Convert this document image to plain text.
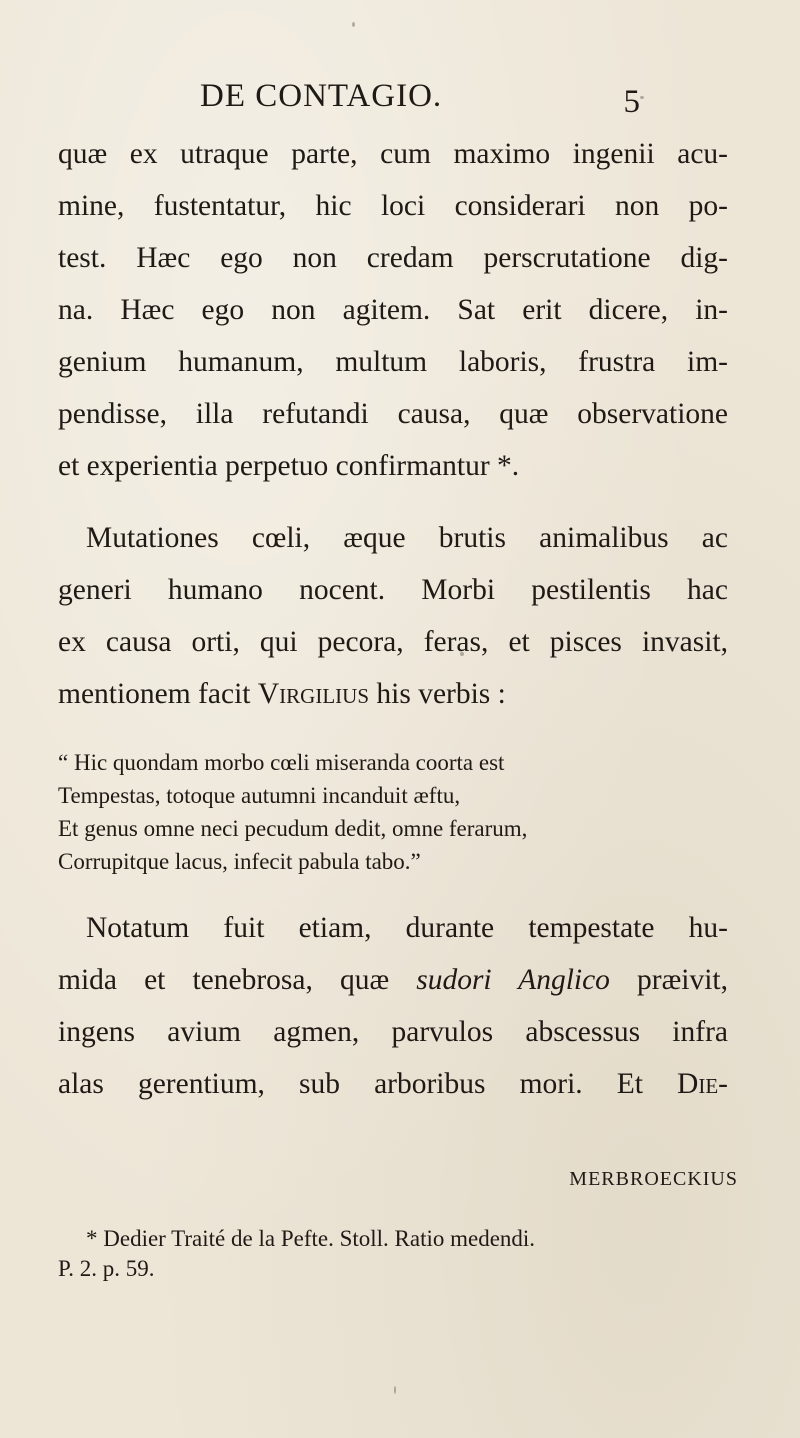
DE CONTAGIO.	5
quæ ex utraque parte, cum maximo ingenii acu-
mine, fustentatur, hic loci considerari non po-
test. Hæc ego non credam perscrutatione dig-
na. Hæc ego non agitem. Sat erit dicere, in-
genium humanum, multum laboris, frustra im-
pendisse, illa refutandi causa, quæ observatione
et experientia perpetuo confirmantur *.
Mutationes cœli, æque brutis animalibus ac
generi humano nocent. Morbi pestilentis hac
ex causa orti, qui pecora, feras, et pisces invasit,
mentionem facit Virgilius his verbis :
“ Hic quondam morbo cœli miseranda coorta est
Tempestas, totoque autumni incanduit æftu,
Et genus omne neci pecudum dedit, omne ferarum,
Corrupitque lacus, infecit pabula tabo.”
Notatum fuit etiam, durante tempestate hu-
mida et tenebrosa, quæ sudori Anglico præivit,
ingens avium agmen, parvulos abscessus infra
alas gerentium, sub arboribus mori. Et Die-
MERBROECKIUS
* Dedier Traité de la Pefte. Stoll. Ratio medendi.
P. 2. p. 59.
